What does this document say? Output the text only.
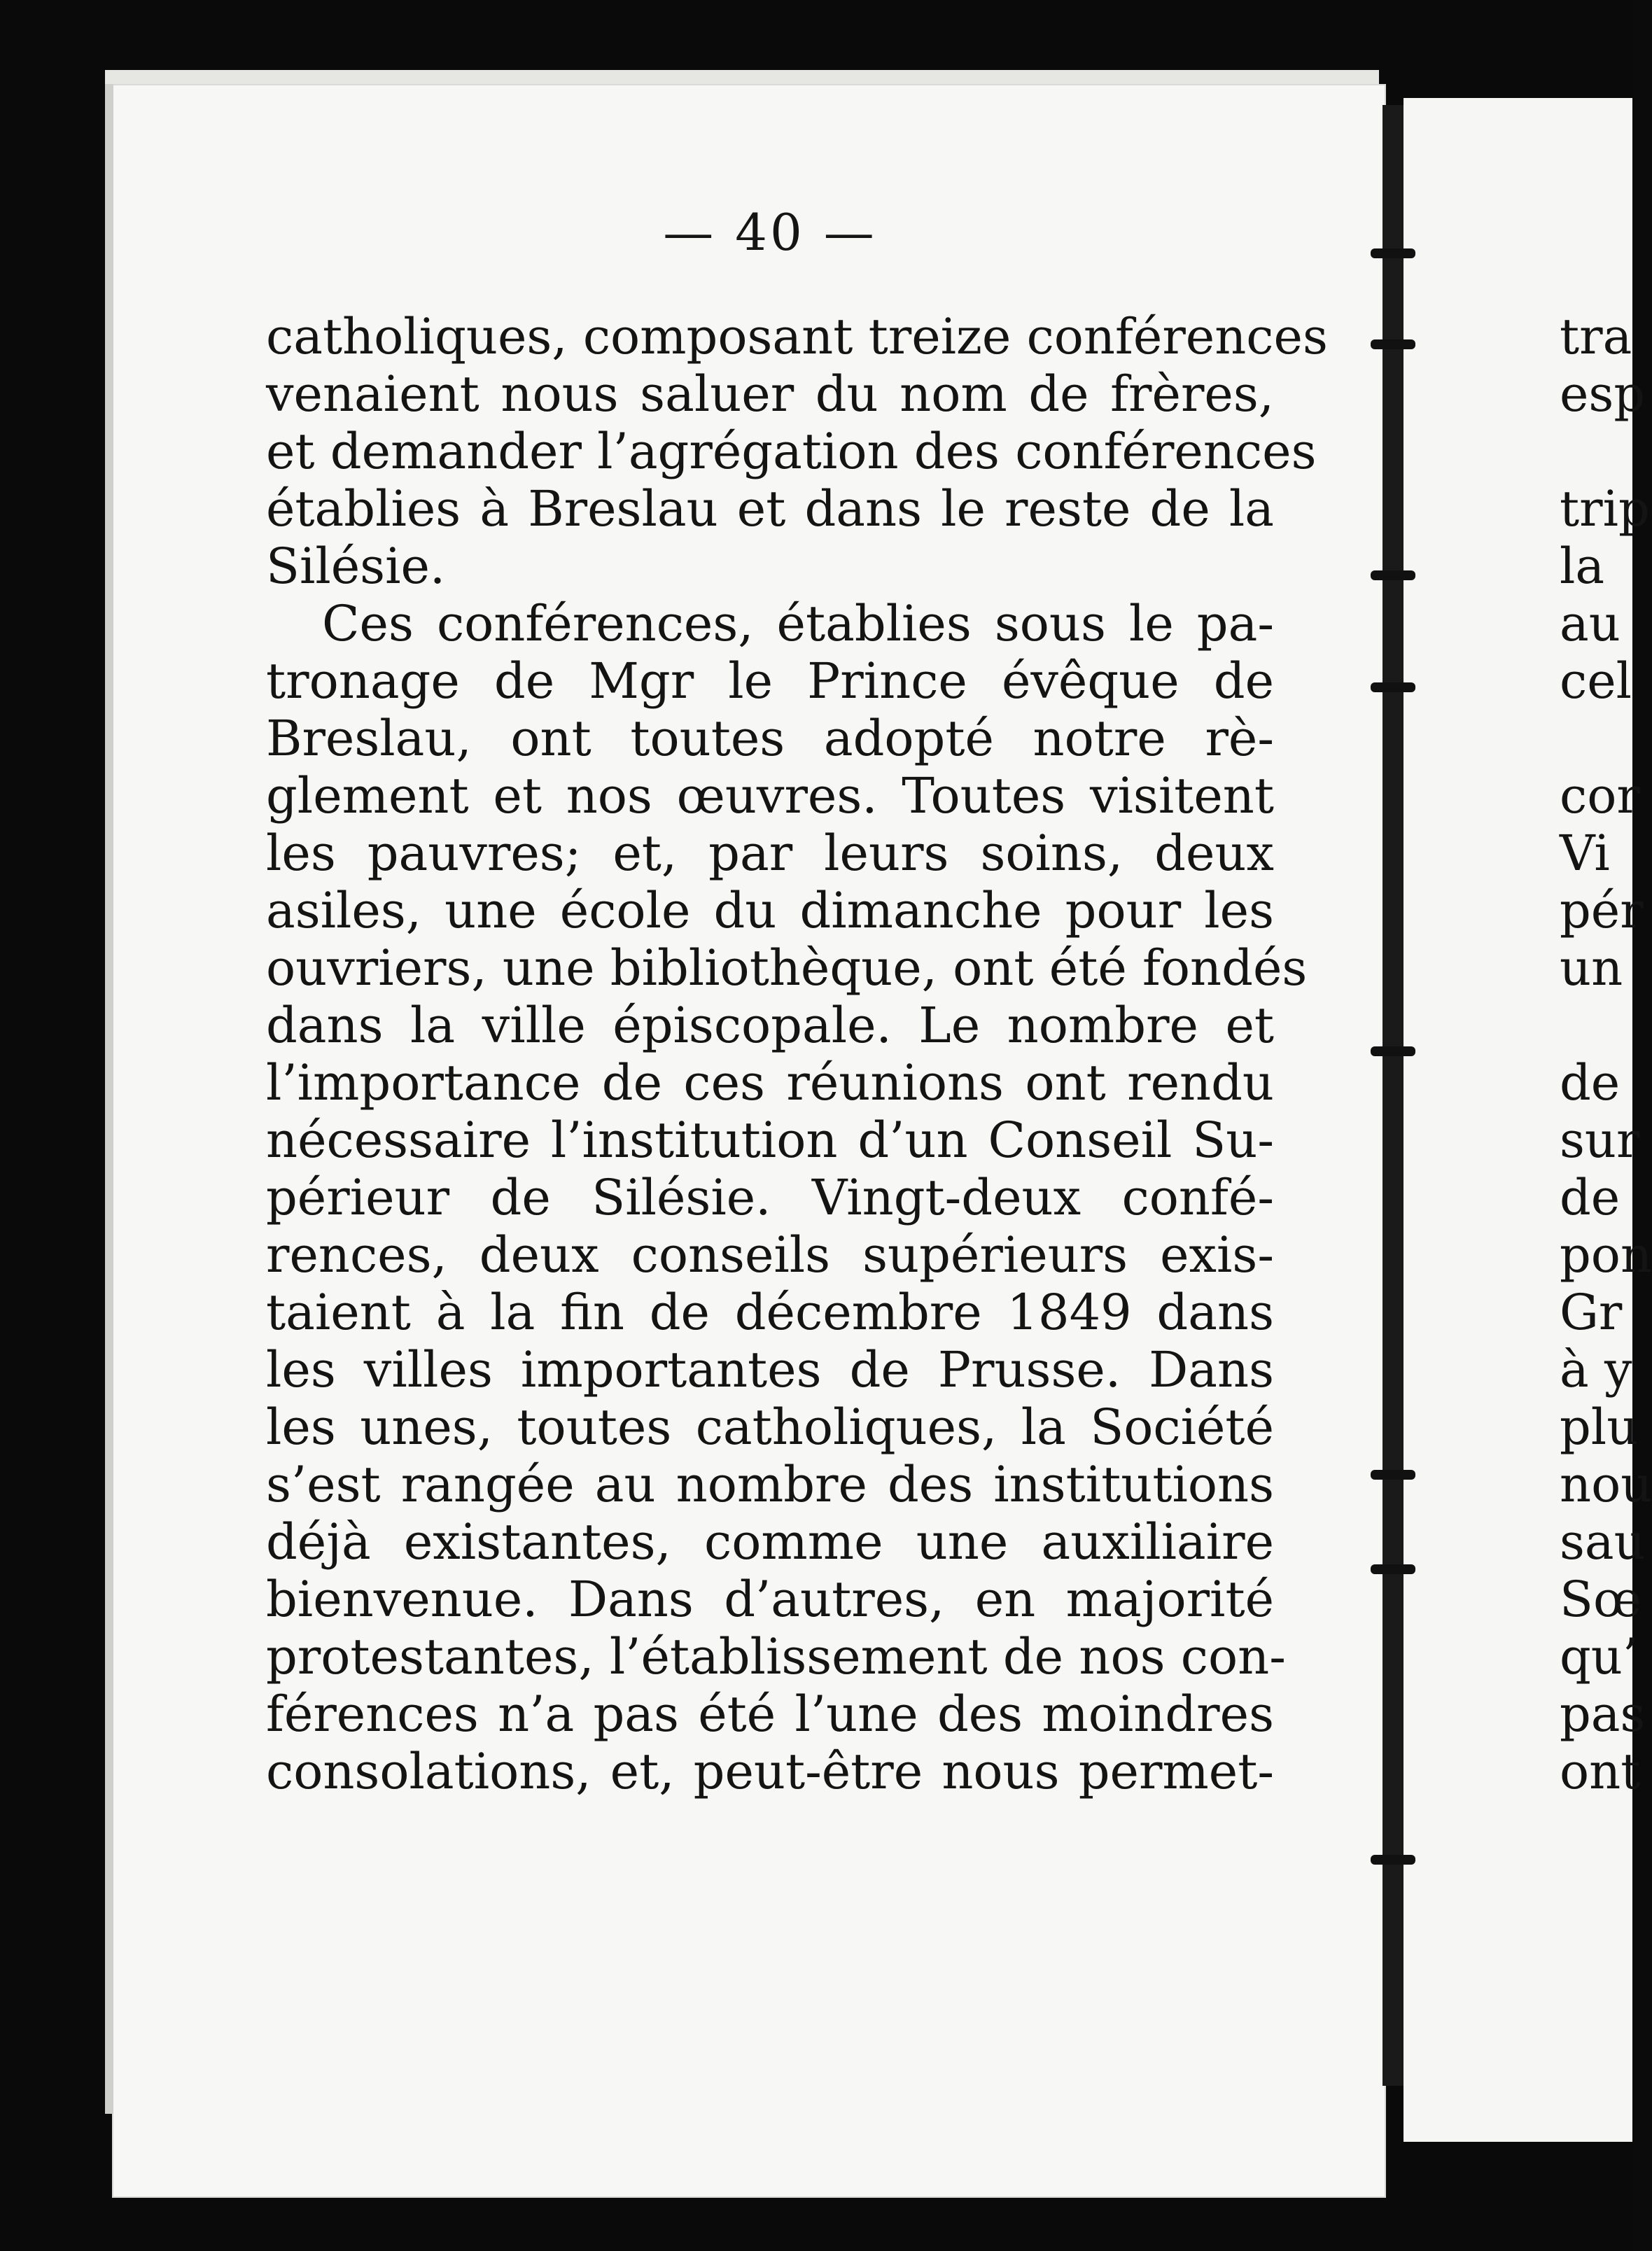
— 40 —
catholiques, composant treize conférences
venaient nous saluer du nom de frères,
et demander l’agrégation des conférences
établies à Breslau et dans le reste de la
Silésie.
Ces conférences, établies sous le pa-
tronage de Mgr le Prince évêque de
Breslau, ont toutes adopté notre rè-
glement et nos œuvres. Toutes visitent
les pauvres; et, par leurs soins, deux
asiles, une école du dimanche pour les
ouvriers, une bibliothèque, ont été fondés
dans la ville épiscopale. Le nombre et
l’importance de ces réunions ont rendu
nécessaire l’institution d’un Conseil Su-
périeur de Silésie. Vingt-deux confé-
rences, deux conseils supérieurs exis-
taient à la fin de décembre 1849 dans
les villes importantes de Prusse. Dans
les unes, toutes catholiques, la Société
s’est rangée au nombre des institutions
déjà existantes, comme une auxiliaire
bienvenue. Dans d’autres, en majorité
protestantes, l’établissement de nos con-
férences n’a pas été l’une des moindres
consolations, et, peut-être nous permet-
tra
esp
trip
la
au
cel
cor
Vi
pér
un
de
sur
de
pon
Gr
à y
plu
nou
sau
Sœ
qu’
pas
ont
